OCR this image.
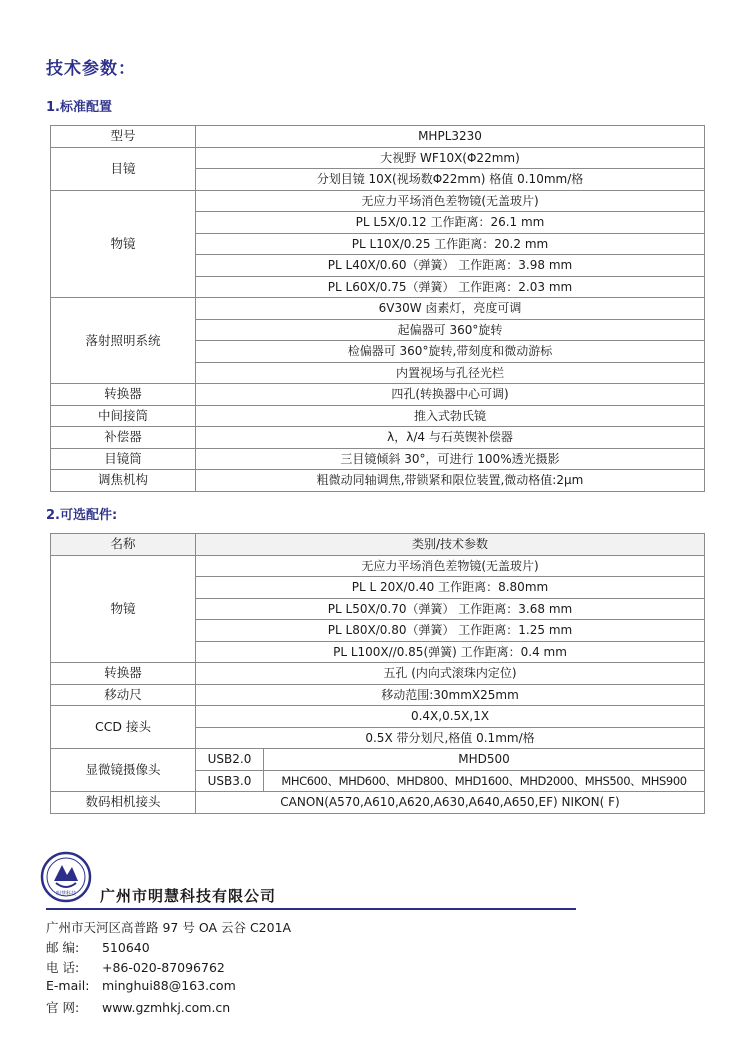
技术参数：
1.标准配置
型号	MHPL3230
目镜	大视野 WF10X(Φ22mm)
	分划目镜 10X(视场数Φ22mm) 格值 0.10mm/格
物镜	无应力平场消色差物镜(无盖玻片)
	PL L5X/0.12 工作距离：26.1 mm
	PL L10X/0.25 工作距离：20.2 mm
	PL L40X/0.60（弹簧） 工作距离：3.98 mm
	PL L60X/0.75（弹簧） 工作距离：2.03 mm
落射照明系统	6V30W 卤素灯，亮度可调
	起偏器可 360°旋转
	检偏器可 360°旋转,带刻度和微动游标
	内置视场与孔径光栏
转换器	四孔(转换器中心可调)
中间接筒	推入式勃氏镜
补偿器	λ，λ/4 与石英锲补偿器
目镜筒	三目镜倾斜 30°，可进行 100%透光摄影
调焦机构	粗微动同轴调焦,带锁紧和限位装置,微动格值:2μm
2.可选配件:
名称	类别/技术参数	
物镜	无应力平场消色差物镜(无盖玻片)	
	PL L 20X/0.40 工作距离：8.80mm	
	PL L50X/0.70（弹簧） 工作距离：3.68 mm	
	PL L80X/0.80（弹簧） 工作距离：1.25 mm	
	PL L100X//0.85(弹簧) 工作距离：0.4 mm	
转换器	五孔 (内向式滚珠内定位)	
移动尺	移动范围:30mmX25mm	
CCD 接头	0.4X,0.5X,1X	
	0.5X 带分划尺,格值 0.1mm/格	
显微镜摄像头	USB2.0	MHD500
	USB3.0	MHC600、MHD600、MHD800、MHD1600、MHD2000、MHS500、MHS900
数码相机接头	CANON(A570,A610,A620,A630,A640,A650,EF) NIKON( F)	
明慧科技 广州市明慧科技有限公司
广州市天河区高普路 97 号 OA 云谷 C201A
邮 编: 510640
电 话: +86-020-87096762
E-mail: minghui88@163.com
官 网: www.gzmhkj.com.cn
